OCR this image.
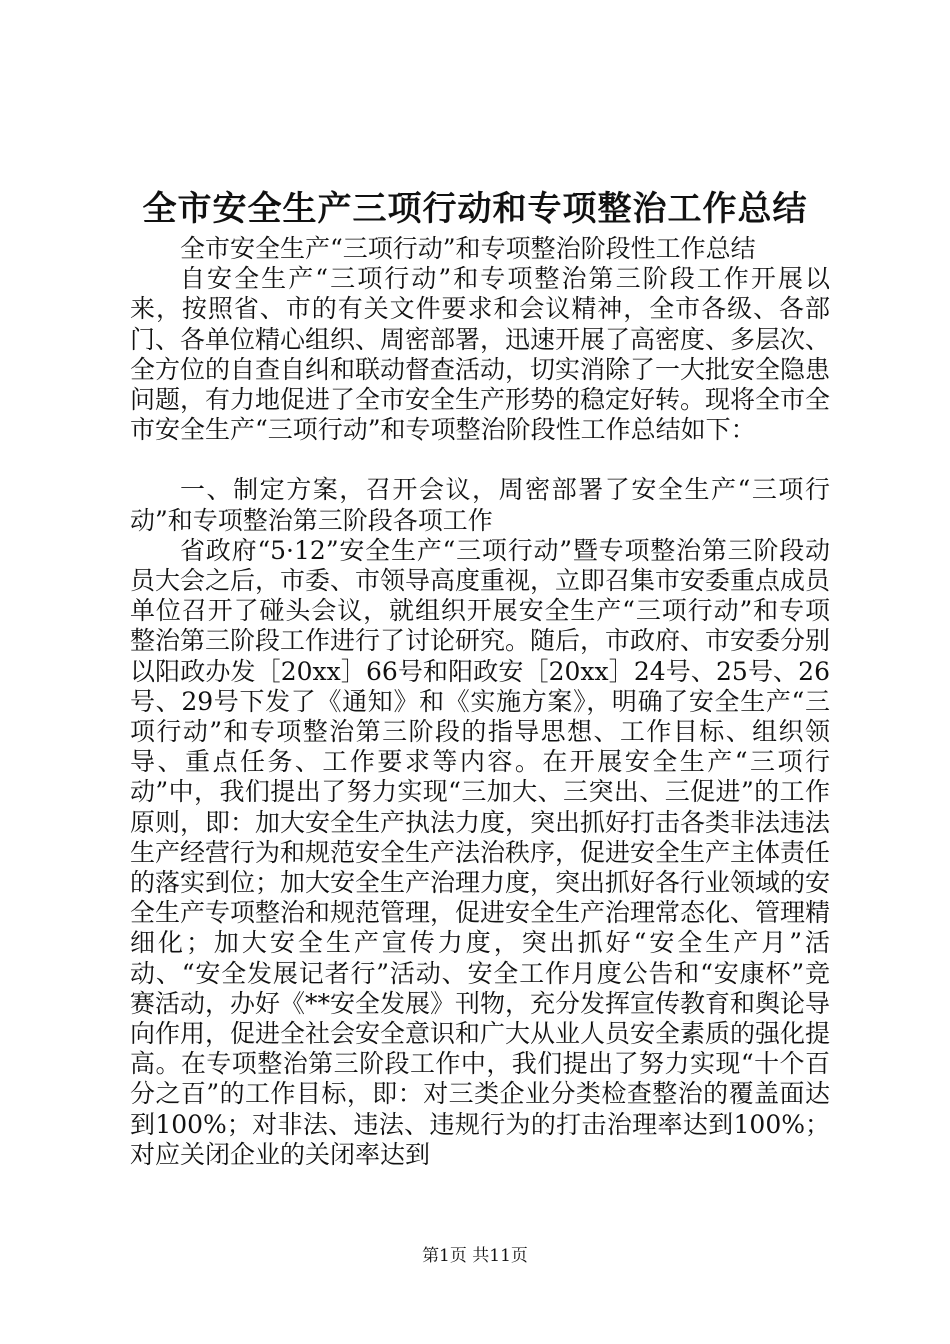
全市安全生产三项行动和专项整治工作总结

全市安全生产“三项行动”和专项整治阶段性工作总结

自安全生产“三项行动”和专项整治第三阶段工作开展以来，按照省、市的有关文件要求和会议精神，全市各级、各部门、各单位精心组织、周密部署，迅速开展了高密度、多层次、全方位的自查自纠和联动督查活动，切实消除了一大批安全隐患问题，有力地促进了全市安全生产形势的稳定好转。现将全市全市安全生产“三项行动”和专项整治阶段性工作总结如下：

一、制定方案，召开会议，周密部署了安全生产“三项行动”和专项整治第三阶段各项工作

省政府“5·12”安全生产“三项行动”暨专项整治第三阶段动员大会之后，市委、市领导高度重视，立即召集市安委重点成员单位召开了碰头会议，就组织开展安全生产“三项行动”和专项整治第三阶段工作进行了讨论研究。随后，市政府、市安委分别以阳政办发［20xx］66号和阳政安［20xx］24号、25号、26号、29号下发了《通知》和《实施方案》，明确了安全生产“三项行动”和专项整治第三阶段的指导思想、工作目标、组织领导、重点任务、工作要求等内容。在开展安全生产“三项行动”中，我们提出了努力实现“三加大、三突出、三促进”的工作原则，即：加大安全生产执法力度，突出抓好打击各类非法违法生产经营行为和规范安全生产法治秩序，促进安全生产主体责任的落实到位；加大安全生产治理力度，突出抓好各行业领域的安全生产专项整治和规范管理，促进安全生产治理常态化、管理精细化；加大安全生产宣传力度，突出抓好“安全生产月”活动、“安全发展记者行”活动、安全工作月度公告和“安康杯”竞赛活动，办好《**安全发展》刊物，充分发挥宣传教育和舆论导向作用，促进全社会安全意识和广大从业人员安全素质的强化提高。在专项整治第三阶段工作中，我们提出了努力实现“十个百分之百”的工作目标，即：对三类企业分类检查整治的覆盖面达到100%；对非法、违法、违规行为的打击治理率达到100%；对应关闭企业的关闭率达到

第1页 共11页
